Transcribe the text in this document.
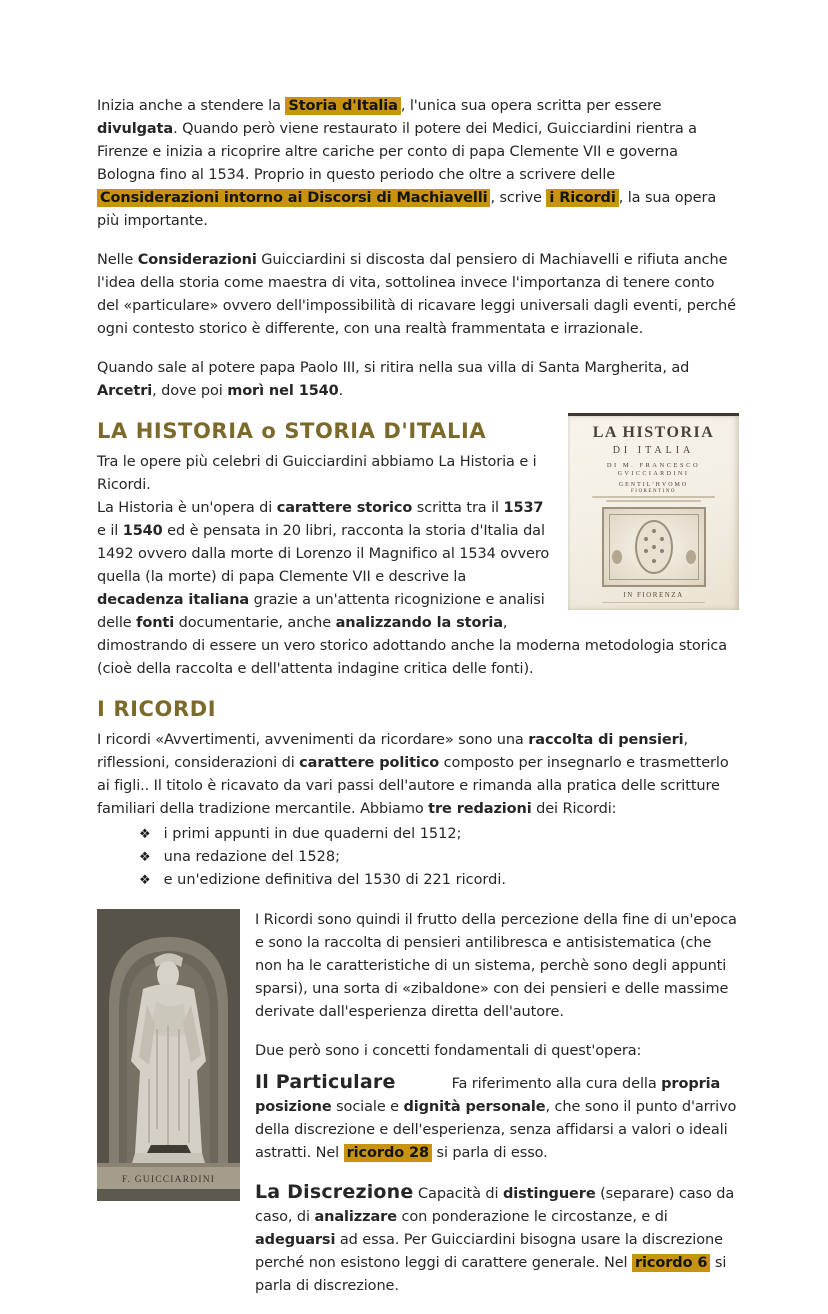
Inizia anche a stendere la Storia d'Italia , l'unica sua opera scritta per essere divulgata. Quando però viene restaurato il potere dei Medici, Guicciardini rientra a Firenze e inizia a ricoprire altre cariche per conto di papa Clemente VII e governa Bologna fino al 1534. Proprio in questo periodo che oltre a scrivere delle Considerazioni intorno ai Discorsi di Machiavelli , scrive i Ricordi , la sua opera più importante.

Nelle Considerazioni Guicciardini si discosta dal pensiero di Machiavelli e rifiuta anche l'idea della storia come maestra di vita, sottolinea invece l'importanza di tenere conto del «particulare» ovvero dell'impossibilità di ricavare leggi universali dagli eventi, perché ogni contesto storico è differente, con una realtà frammentata e irrazionale.

Quando sale al potere papa Paolo III, si ritira nella sua villa di Santa Margherita, ad Arcetri, dove poi morì nel 1540.

LA HISTORIA
DI ITALIA
DI M. FRANCESCO
GVICCIARDINI
GENTIL'HVOMO
FIORENTINO
IN FIORENZA
LA HISTORIA o STORIA D'ITALIA

Tra le opere più celebri di Guicciardini abbiamo La Historia e i Ricordi.
La Historia è un'opera di carattere storico scritta tra il 1537 e il 1540 ed è pensata in 20 libri, racconta la storia d'Italia dal 1492 ovvero dalla morte di Lorenzo il Magnifico al 1534 ovvero quella (la morte) di papa Clemente VII e descrive la decadenza italiana grazie a un'attenta ricognizione e analisi delle fonti documentarie, anche analizzando la storia, dimostrando di essere un vero storico adottando anche la moderna metodologia storica (cioè della raccolta e dell'attenta indagine critica delle fonti).

I RICORDI

I ricordi «Avvertimenti, avvenimenti da ricordare» sono una raccolta di pensieri, riflessioni, considerazioni di carattere politico composto per insegnarlo e trasmetterlo ai figli.. Il titolo è ricavato da vari passi dell'autore e rimanda alla pratica delle scritture familiari della tradizione mercantile. Abbiamo tre redazioni dei Ricordi:

❖ i primi appunti in due quaderni del 1512;
❖ una redazione del 1528;
❖ e un'edizione definitiva del 1530 di 221 ricordi.
F. GUICCIARDINI

I Ricordi sono quindi il frutto della percezione della fine di un'epoca e sono la raccolta di pensieri antilibresca e antisistematica (che non ha le caratteristiche di un sistema, perchè sono degli appunti sparsi), una sorta di «zibaldone» con dei pensieri e delle massime derivate dall'esperienza diretta dell'autore.

Due però sono i concetti fondamentali di quest'opera:

Il Particulare	Fa riferimento alla cura della propria posizione sociale e dignità personale, che sono il punto d'arrivo della discrezione e dell'esperienza, senza affidarsi a valori o ideali astratti. Nel ricordo 28 si parla di esso.

La Discrezione Capacità di distinguere (separare) caso da caso, di analizzare con ponderazione le circostanze, e di adeguarsi ad essa. Per Guicciardini bisogna usare la discrezione perché non esistono leggi di carattere generale. Nel ricordo 6 si parla di discrezione.
